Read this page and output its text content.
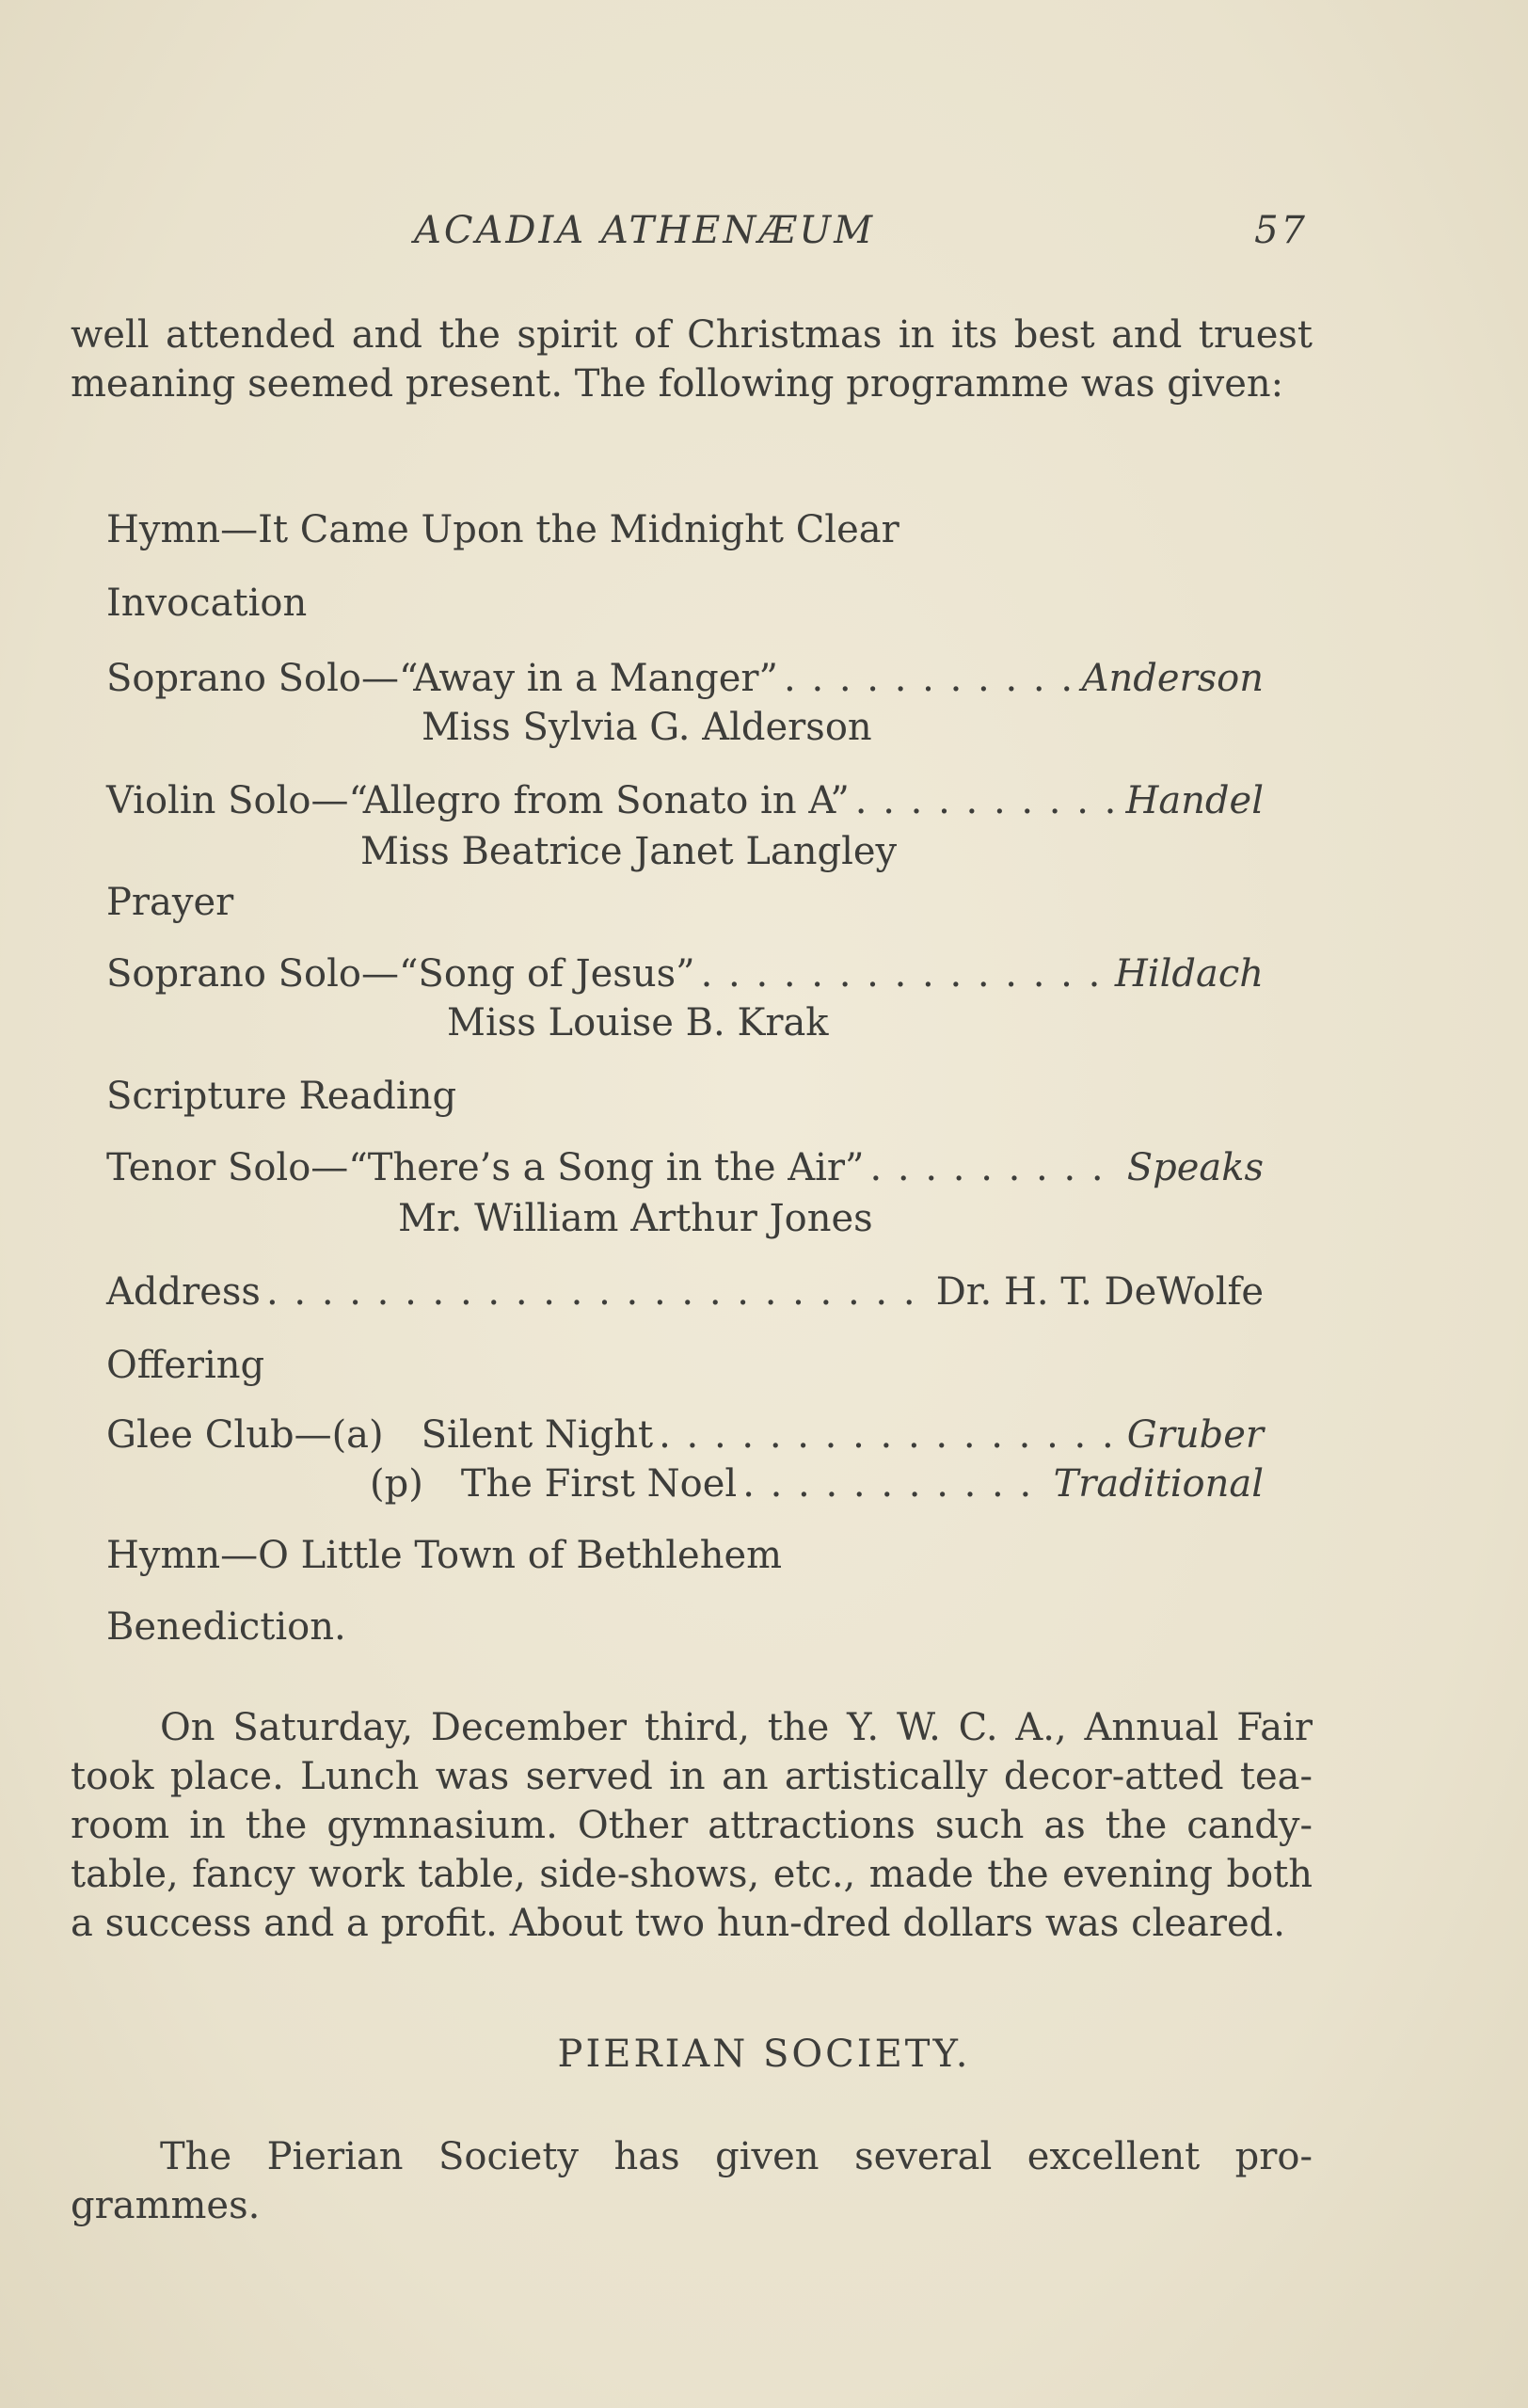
ACADIA ATHENÆUM	57
well attended and the spirit of Christmas in its best and truest meaning seemed present. The following programme was given:
Hymn—It Came Upon the Midnight Clear
Invocation
Soprano Solo—“Away in a Manger” . . .	Anderson
Miss Sylvia G. Alderson
Violin Solo—“Allegro from Sonato in A” . . .	Handel
Miss Beatrice Janet Langley
Prayer
Soprano Solo—“Song of Jesus” . . .	Hildach
Miss Louise B. Krak
Scripture Reading
Tenor Solo—“There’s a Song in the Air” . . .	Speaks
Mr. William Arthur Jones
Address . . .	Dr. H. T. DeWolfe
Offering
Glee Club—(a) Silent Night . . .	Gruber
(p) The First Noel . . .	Traditional
Hymn—O Little Town of Bethlehem
Benediction.
On Saturday, December third, the Y. W. C. A., Annual Fair took place. Lunch was served in an artistically decor-atted tea-room in the gymnasium. Other attractions such as the candy-table, fancy work table, side-shows, etc., made the evening both a success and a profit. About two hun-dred dollars was cleared.
PIERIAN SOCIETY.
The Pierian Society has given several excellent pro-grammes.
